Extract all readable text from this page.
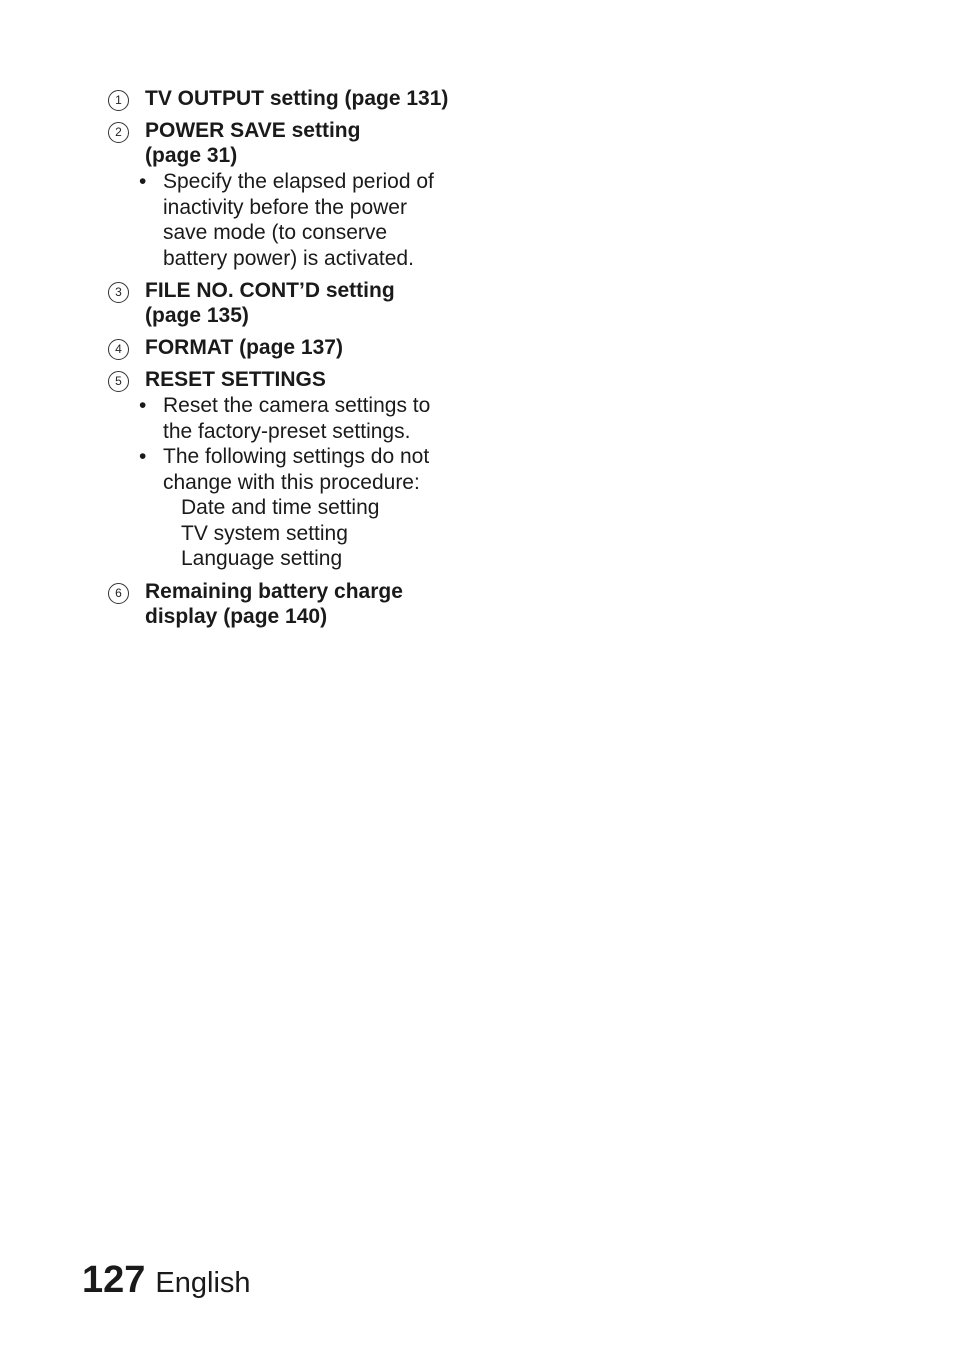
1	TV OUTPUT setting (page 131)
2	POWER SAVE setting
(page 31)
• Specify the elapsed period of
inactivity before the power
save mode (to conserve
battery power) is activated.
3	FILE NO. CONT’D setting
(page 135)
4	FORMAT (page 137)
5	RESET SETTINGS
• Reset the camera settings to
the factory-preset settings.
• The following settings do not
change with this procedure:
Date and time setting
TV system setting
Language setting
6	Remaining battery charge
display (page 140)
127 English
